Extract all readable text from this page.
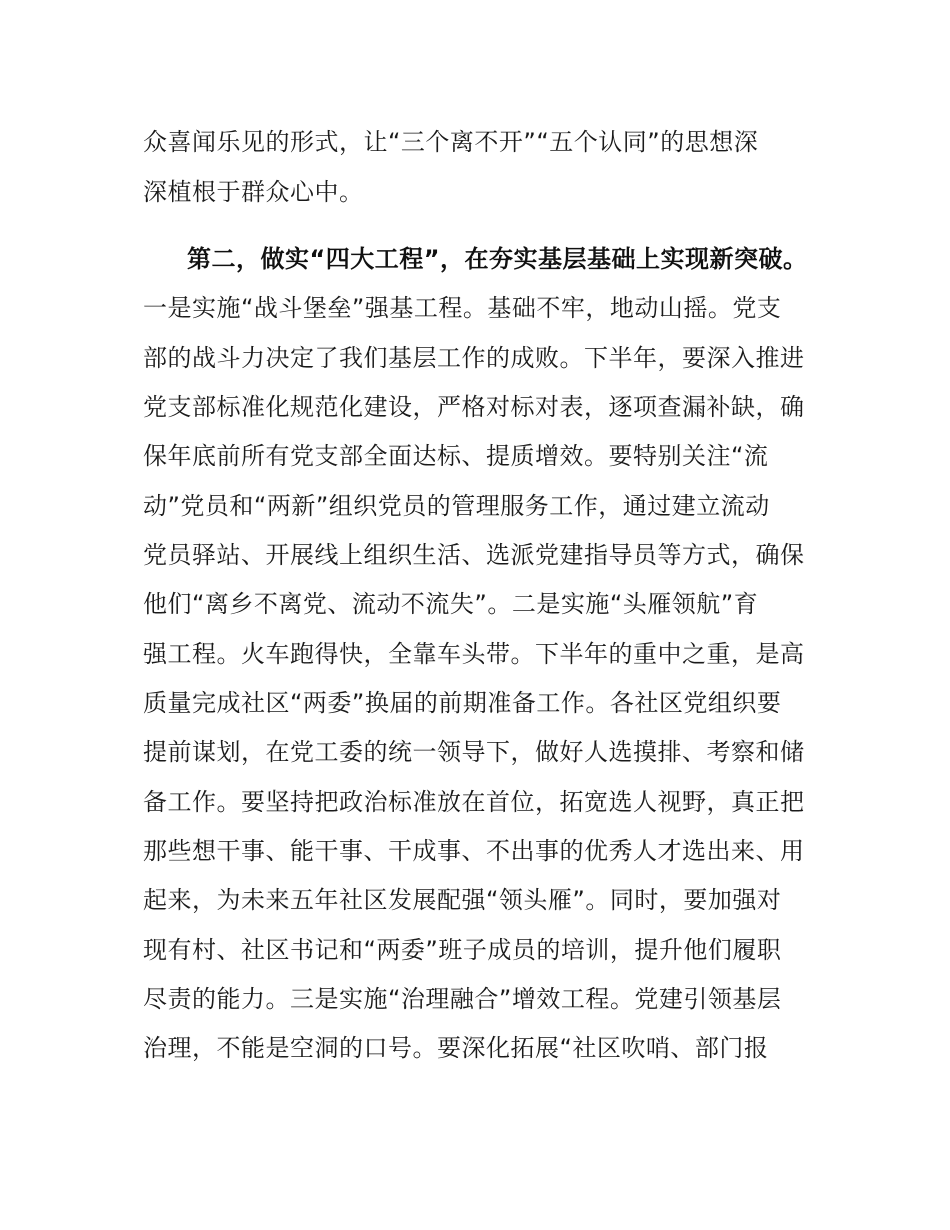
众喜闻乐见的形式，让“三个离不开”“五个认同”的思想深
深植根于群众心中。
第二，做实“四大工程”，在夯实基层基础上实现新突破。
一是实施“战斗堡垒”强基工程。基础不牢，地动山摇。党支
部的战斗力决定了我们基层工作的成败。下半年，要深入推进
党支部标准化规范化建设，严格对标对表，逐项查漏补缺，确
保年底前所有党支部全面达标、提质增效。要特别关注“流
动”党员和“两新”组织党员的管理服务工作，通过建立流动
党员驿站、开展线上组织生活、选派党建指导员等方式，确保
他们“离乡不离党、流动不流失”。二是实施“头雁领航”育
强工程。火车跑得快，全靠车头带。下半年的重中之重，是高
质量完成社区“两委”换届的前期准备工作。各社区党组织要
提前谋划，在党工委的统一领导下，做好人选摸排、考察和储
备工作。要坚持把政治标准放在首位，拓宽选人视野，真正把
那些想干事、能干事、干成事、不出事的优秀人才选出来、用
起来，为未来五年社区发展配强“领头雁”。同时，要加强对
现有村、社区书记和“两委”班子成员的培训，提升他们履职
尽责的能力。三是实施“治理融合”增效工程。党建引领基层
治理，不能是空洞的口号。要深化拓展“社区吹哨、部门报
